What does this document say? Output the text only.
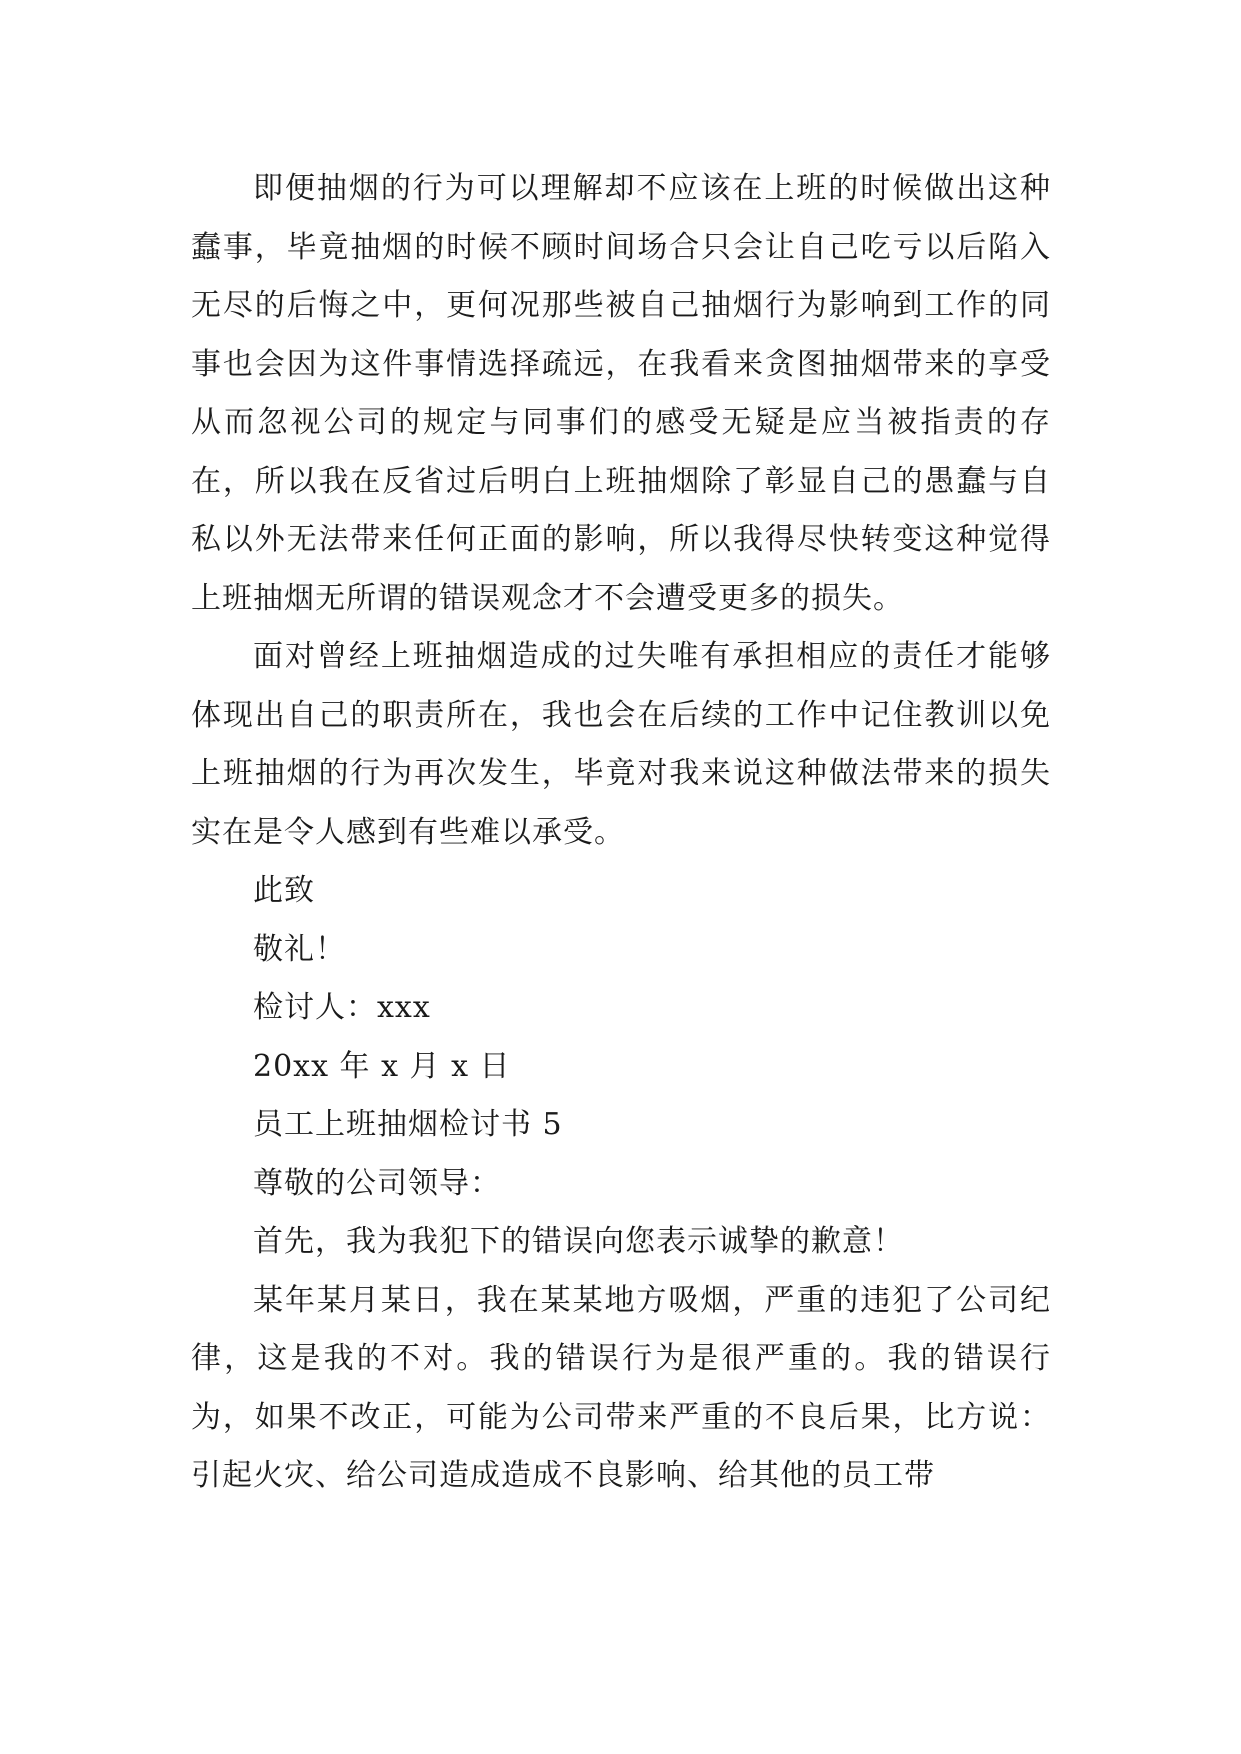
即便抽烟的行为可以理解却不应该在上班的时候做出这种蠢事，毕竟抽烟的时候不顾时间场合只会让自己吃亏以后陷入无尽的后悔之中，更何况那些被自己抽烟行为影响到工作的同事也会因为这件事情选择疏远，在我看来贪图抽烟带来的享受从而忽视公司的规定与同事们的感受无疑是应当被指责的存在，所以我在反省过后明白上班抽烟除了彰显自己的愚蠢与自私以外无法带来任何正面的影响，所以我得尽快转变这种觉得上班抽烟无所谓的错误观念才不会遭受更多的损失。

面对曾经上班抽烟造成的过失唯有承担相应的责任才能够体现出自己的职责所在，我也会在后续的工作中记住教训以免上班抽烟的行为再次发生，毕竟对我来说这种做法带来的损失实在是令人感到有些难以承受。

此致

敬礼！

检讨人：xxx

20xx 年 x 月 x 日

员工上班抽烟检讨书 5

尊敬的公司领导：

首先，我为我犯下的错误向您表示诚挚的歉意！

某年某月某日，我在某某地方吸烟，严重的违犯了公司纪律，这是我的不对。我的错误行为是很严重的。我的错误行为，如果不改正，可能为公司带来严重的不良后果，比方说：引起火灾、给公司造成造成不良影响、给其他的员工带
